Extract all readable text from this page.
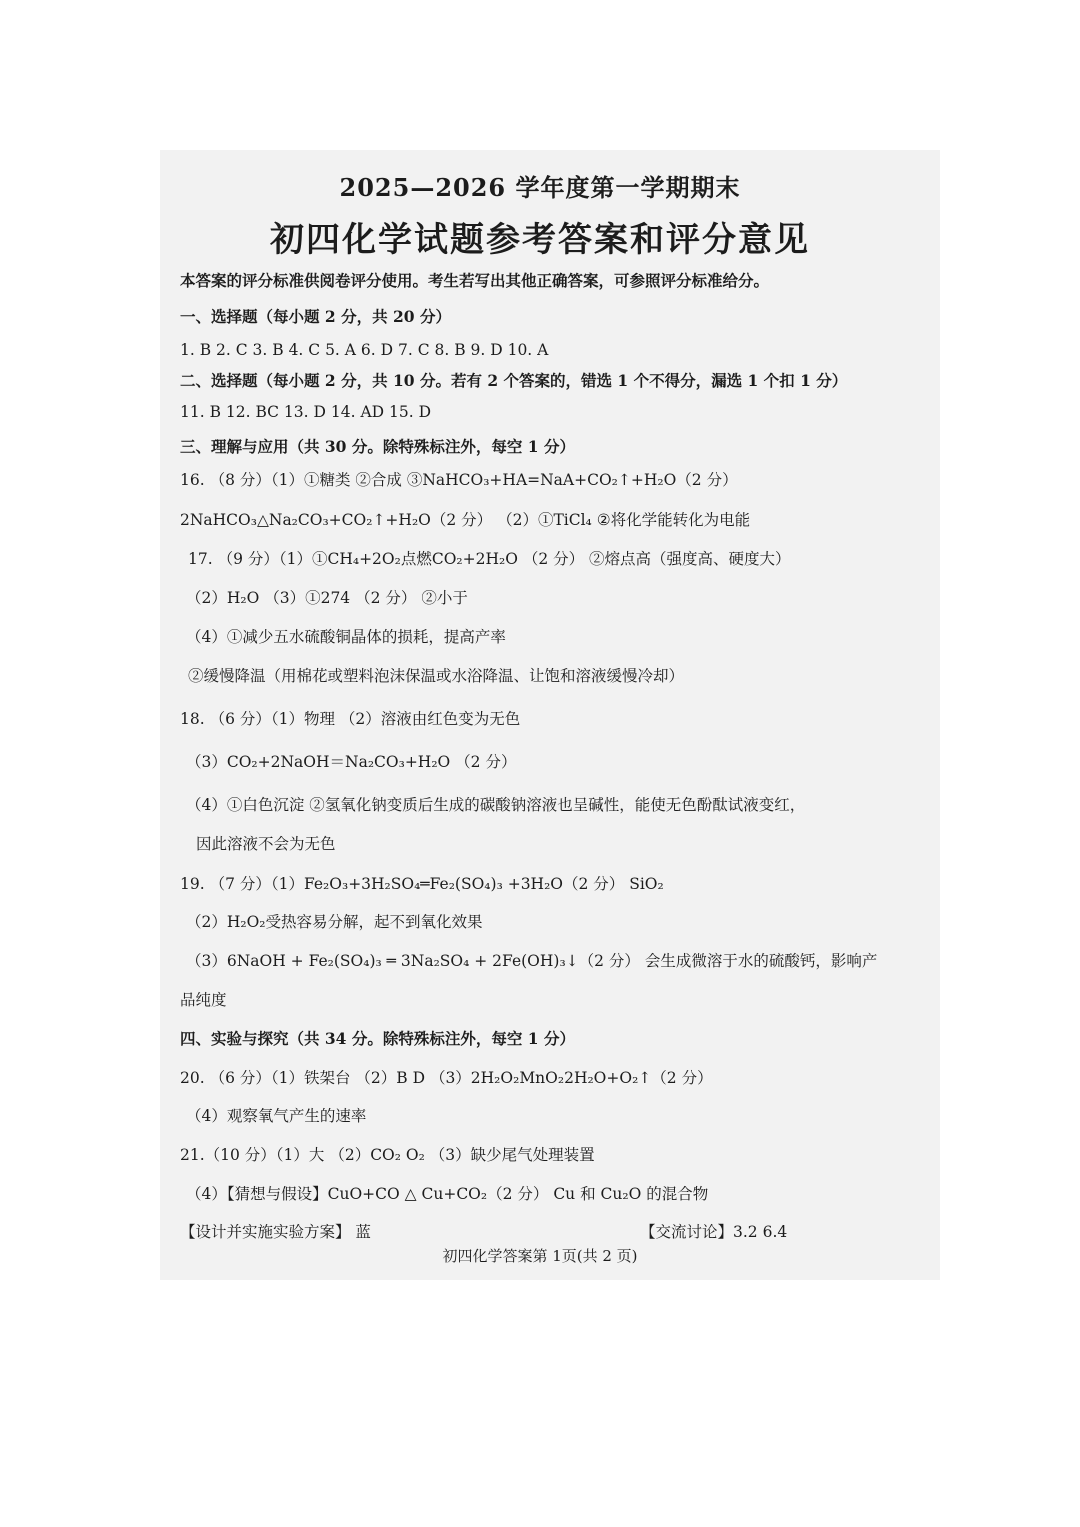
2025—2026 学年度第一学期期末
初四化学试题参考答案和评分意见
本答案的评分标准供阅卷评分使用。考生若写出其他正确答案，可参照评分标准给分。
一、选择题（每小题 2 分，共 20 分）
1. B 2. C 3. B 4. C 5. A 6. D 7. C 8. B 9. D 10. A
二、选择题（每小题 2 分，共 10 分。若有 2 个答案的，错选 1 个不得分，漏选 1 个扣 1 分）
11. B 12. BC 13. D 14. AD 15. D
三、理解与应用（共 30 分。除特殊标注外，每空 1 分）
16. （8 分）（1）①糖类 ②合成 ③NaHCO₃+HA=NaA+CO₂↑+H₂O（2 分）
2NaHCO₃△Na₂CO₃+CO₂↑+H₂O（2 分） （2）①TiCl₄ ②将化学能转化为电能
17. （9 分）（1）①CH₄+2O₂点燃CO₂+2H₂O （2 分） ②熔点高（强度高、硬度大）
（2）H₂O （3）①274 （2 分） ②小于
（4）①减少五水硫酸铜晶体的损耗，提高产率
②缓慢降温（用棉花或塑料泡沫保温或水浴降温、让饱和溶液缓慢冷却）
18. （6 分）（1）物理 （2）溶液由红色变为无色
（3）CO₂+2NaOH＝Na₂CO₃+H₂O （2 分）
（4）①白色沉淀 ②氢氧化钠变质后生成的碳酸钠溶液也呈碱性，能使无色酚酞试液变红，
因此溶液不会为无色
19. （7 分）（1）Fe₂O₃+3H₂SO₄═Fe₂(SO₄)₃ +3H₂O（2 分） SiO₂
（2）H₂O₂受热容易分解，起不到氧化效果
（3）6NaOH + Fe₂(SO₄)₃ ═ 3Na₂SO₄ + 2Fe(OH)₃↓（2 分） 会生成微溶于水的硫酸钙，影响产
品纯度
四、实验与探究（共 34 分。除特殊标注外，每空 1 分）
20. （6 分）（1）铁架台 （2）B D （3）2H₂O₂MnO₂2H₂O+O₂↑（2 分）
（4）观察氧气产生的速率
21.（10 分）（1）大 （2）CO₂ O₂ （3）缺少尾气处理装置
（4）【猜想与假设】CuO+CO △ Cu+CO₂（2 分） Cu 和 Cu₂O 的混合物
【设计并实施实验方案】 蓝	【交流讨论】3.2 6.4
初四化学答案第 1页(共 2 页)
